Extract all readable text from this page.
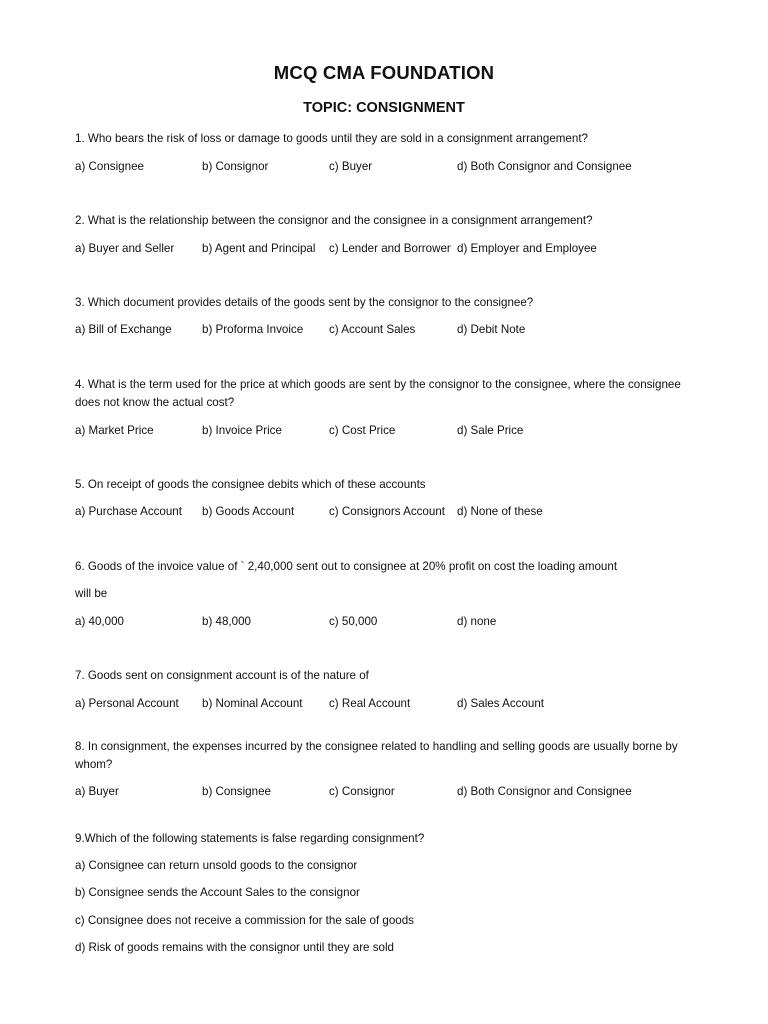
MCQ CMA FOUNDATION
TOPIC: CONSIGNMENT
1. Who bears the risk of loss or damage to goods until they are sold in a consignment arrangement?
a) Consignee	b) Consignor	c) Buyer	d) Both Consignor and Consignee
2. What is the relationship between the consignor and the consignee in a consignment arrangement?
a) Buyer and Seller b) Agent and Principal c) Lender and Borrower d) Employer and Employee
3. Which document provides details of the goods sent by the consignor to the consignee?
a) Bill of Exchange	b) Proforma Invoice c) Account Sales	d) Debit Note
4. What is the term used for the price at which goods are sent by the consignor to the consignee, where the consignee does not know the actual cost?
a) Market Price	b) Invoice Price	c) Cost Price	d) Sale Price
5. On receipt of goods the consignee debits which of these accounts
a) Purchase Account b) Goods Account	c) Consignors Account d) None of these
6. Goods of the invoice value of ` 2,40,000 sent out to consignee at 20% profit on cost the loading amount
will be
a) 40,000	b) 48,000	c) 50,000	d) none
7. Goods sent on consignment account is of the nature of
a) Personal Account b) Nominal Account c) Real Account	d) Sales Account
8. In consignment, the expenses incurred by the consignee related to handling and selling goods are usually borne by whom?
a) Buyer	b) Consignee	c) Consignor	d) Both Consignor and Consignee
9.Which of the following statements is false regarding consignment?
a) Consignee can return unsold goods to the consignor
b) Consignee sends the Account Sales to the consignor
c) Consignee does not receive a commission for the sale of goods
d) Risk of goods remains with the consignor until they are sold
